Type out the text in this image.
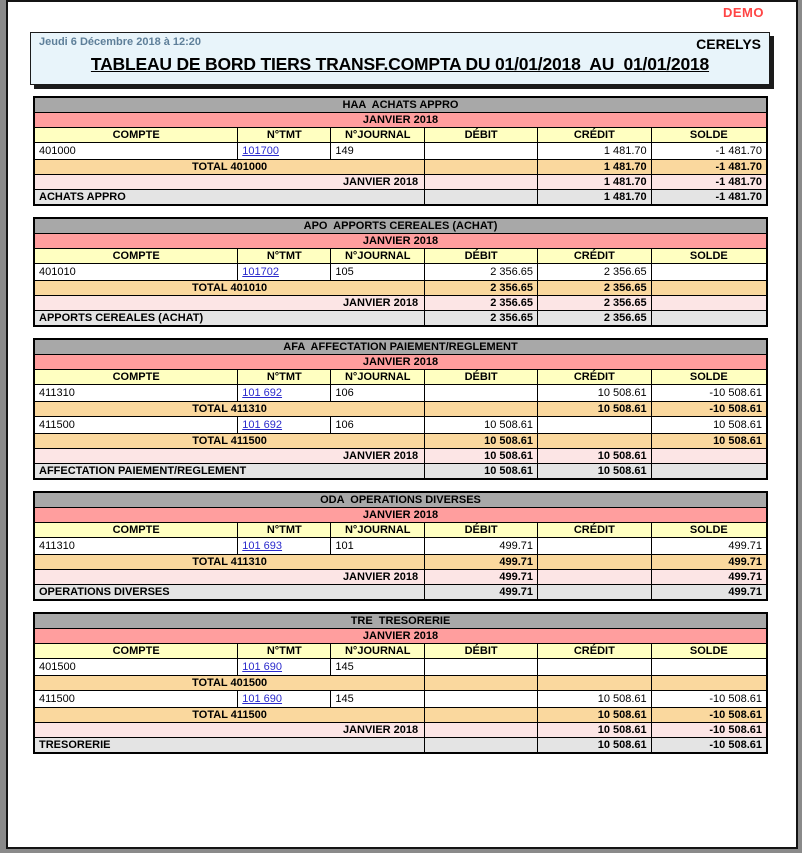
DEMO
Jeudi 6 Décembre 2018 à 12:20	CERELYS
TABLEAU DE BORD TIERS TRANSF.COMPTA DU 01/01/2018  AU  01/01/2018
HAA  ACHATS APPRO					
JANVIER 2018					
COMPTE	N°TMT	N°JOURNAL	DÉBIT	CRÉDIT	SOLDE
401000	101700	149		1 481.70	-1 481.70
TOTAL 401000				1 481.70	-1 481.70
JANVIER 2018				1 481.70	-1 481.70
ACHATS APPRO				1 481.70	-1 481.70
APO  APPORTS CEREALES (ACHAT)					
JANVIER 2018					
COMPTE	N°TMT	N°JOURNAL	DÉBIT	CRÉDIT	SOLDE
401010	101702	105	2 356.65	2 356.65	
TOTAL 401010			2 356.65	2 356.65	
JANVIER 2018			2 356.65	2 356.65	
APPORTS CEREALES (ACHAT)			2 356.65	2 356.65	
AFA  AFFECTATION PAIEMENT/REGLEMENT					
JANVIER 2018					
COMPTE	N°TMT	N°JOURNAL	DÉBIT	CRÉDIT	SOLDE
411310	101 692	106		10 508.61	-10 508.61
TOTAL 411310				10 508.61	-10 508.61
411500	101 692	106	10 508.61		10 508.61
TOTAL 411500			10 508.61		10 508.61
JANVIER 2018			10 508.61	10 508.61	
AFFECTATION PAIEMENT/REGLEMENT			10 508.61	10 508.61	
ODA  OPERATIONS DIVERSES					
JANVIER 2018					
COMPTE	N°TMT	N°JOURNAL	DÉBIT	CRÉDIT	SOLDE
411310	101 693	101	499.71		499.71
TOTAL 411310			499.71		499.71
JANVIER 2018			499.71		499.71
OPERATIONS DIVERSES			499.71		499.71
TRE  TRESORERIE					
JANVIER 2018					
COMPTE	N°TMT	N°JOURNAL	DÉBIT	CRÉDIT	SOLDE
401500	101 690	145			
TOTAL 401500					
411500	101 690	145		10 508.61	-10 508.61
TOTAL 411500				10 508.61	-10 508.61
JANVIER 2018				10 508.61	-10 508.61
TRESORERIE				10 508.61	-10 508.61
